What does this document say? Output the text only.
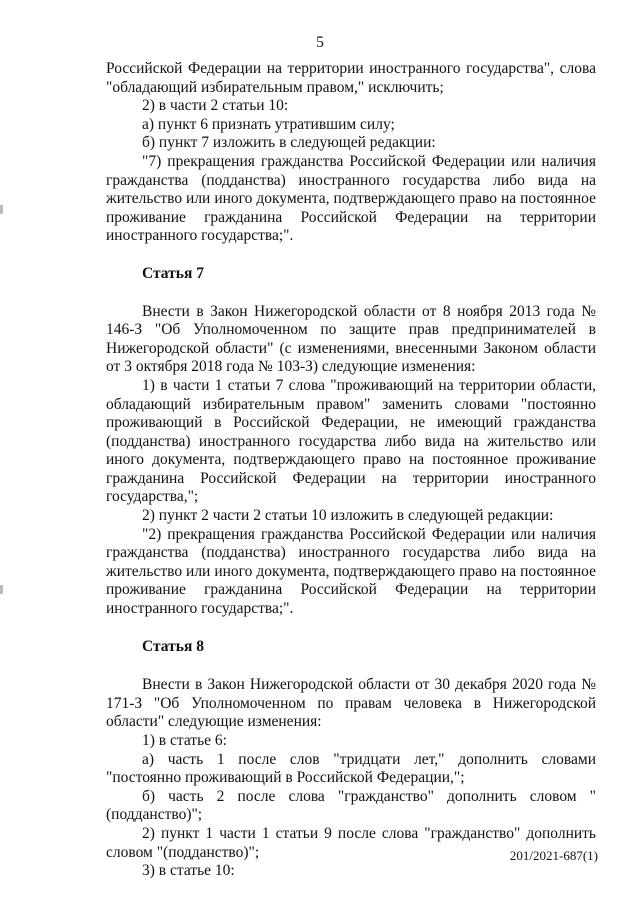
5

Российской Федерации на территории иностранного государства", слова "обладающий избирательным правом," исключить;

2) в части 2 статьи 10:

а) пункт 6 признать утратившим силу;

б) пункт 7 изложить в следующей редакции:

"7) прекращения гражданства Российской Федерации или наличия гражданства (подданства) иностранного государства либо вида на жительство или иного документа, подтверждающего право на постоянное проживание гражданина Российской Федерации на территории иностранного государства;".

Статья 7

Внести в Закон Нижегородской области от 8 ноября 2013 года № 146-З "Об Уполномоченном по защите прав предпринимателей в Нижегородской области" (с изменениями, внесенными Законом области от 3 октября 2018 года № 103-З) следующие изменения:

1) в части 1 статьи 7 слова "проживающий на территории области, обладающий избирательным правом" заменить словами "постоянно проживающий в Российской Федерации, не имеющий гражданства (подданства) иностранного государства либо вида на жительство или иного документа, подтверждающего право на постоянное проживание гражданина Российской Федерации на территории иностранного государства,";

2) пункт 2 части 2 статьи 10 изложить в следующей редакции:

"2) прекращения гражданства Российской Федерации или наличия гражданства (подданства) иностранного государства либо вида на жительство или иного документа, подтверждающего право на постоянное проживание гражданина Российской Федерации на территории иностранного государства;".

Статья 8

Внести в Закон Нижегородской области от 30 декабря 2020 года № 171-З "Об Уполномоченном по правам человека в Нижегородской области" следующие изменения:

1) в статье 6:

а) часть 1 после слов "тридцати лет," дополнить словами "постоянно проживающий в Российской Федерации,";

б) часть 2 после слова "гражданство" дополнить словом "(подданство)";

2) пункт 1 части 1 статьи 9 после слова "гражданство" дополнить словом "(подданство)";

3) в статье 10:

201/2021-687(1)
